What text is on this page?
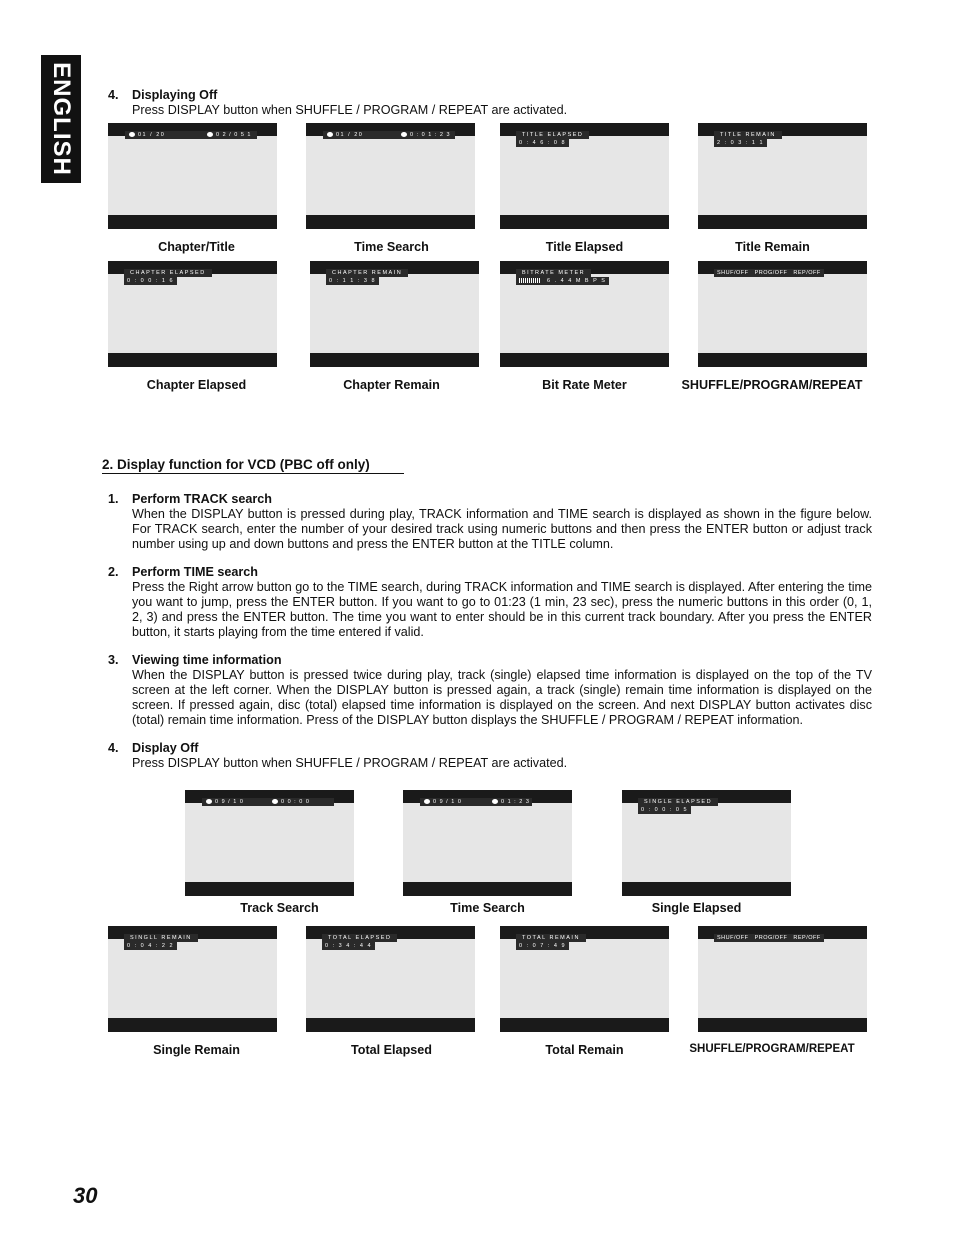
ENGLISH	4. Displaying Off
Press DISPLAY button when SHUFFLE / PROGRAM / REPEAT are activated.
01 / 20	0 2 / 0 5 1	01 / 20	0 : 0 1 : 2 3	TITLE ELAPSED
0 : 4 6 : 0 8
TITLE REMAIN
2 : 0 3 : 1 1
Chapter/Title	Time Search	Title Elapsed	Title Remain
CHAPTER ELAPSED
0 : 0 0 : 1 6
CHAPTER REMAIN
0 : 1 1 : 3 8
BITRATE METER
6 . 4 4 M B P S
SHUF/OFF   PROG/OFF   REP/OFF
Chapter Elapsed	Chapter Remain	Bit Rate Meter	SHUFFLE/PROGRAM/REPEAT
2. Display function for VCD (PBC off only)
1. Perform TRACK search
When the DISPLAY button is pressed during play, TRACK information and TIME search is displayed as shown in the figure below. For TRACK search, enter the number of your desired track using numeric buttons and then press the ENTER button or adjust track number using up and down buttons and press the ENTER button at the TITLE column.
2. Perform TIME search
Press the Right arrow button go to the TIME search, during TRACK information and TIME search is displayed. After entering the time you want to jump, press the ENTER button. If you want to go to 01:23 (1 min, 23 sec), press the numeric buttons in this order (0, 1, 2, 3) and press the ENTER button. The time you want to enter should be in this current track boundary. After you press the ENTER button, it starts playing from the time entered if valid.
3. Viewing time information
When the DISPLAY button is pressed twice during play, track (single) elapsed time information is displayed on the top of the TV screen at the left corner. When the DISPLAY button is pressed again, a track (single) remain time information is displayed on the screen. If pressed again, disc (total) elapsed time information is displayed on the screen. And next DISPLAY button activates disc (total) remain time information. Press of the DISPLAY button displays the SHUFFLE / PROGRAM / REPEAT information.
4. Display Off
Press DISPLAY button when SHUFFLE / PROGRAM / REPEAT are activated.
0 9 / 1 0	0 0 : 0 0	0 9 / 1 0	0 1 : 2 3	SINGLE ELAPSED
0 : 0 0 : 0 5
Track Search	Time Search	Single Elapsed
SINGLL REMAIN
0 : 0 4 : 2 2
TOTAL ELAPSED
0 : 3 4 : 4 4
TOTAL REMAIN
0 : 0 7 : 4 9
SHUF/OFF   PROG/OFF   REP/OFF
Single Remain	Total Elapsed	Total Remain	SHUFFLE/PROGRAM/REPEAT
30
